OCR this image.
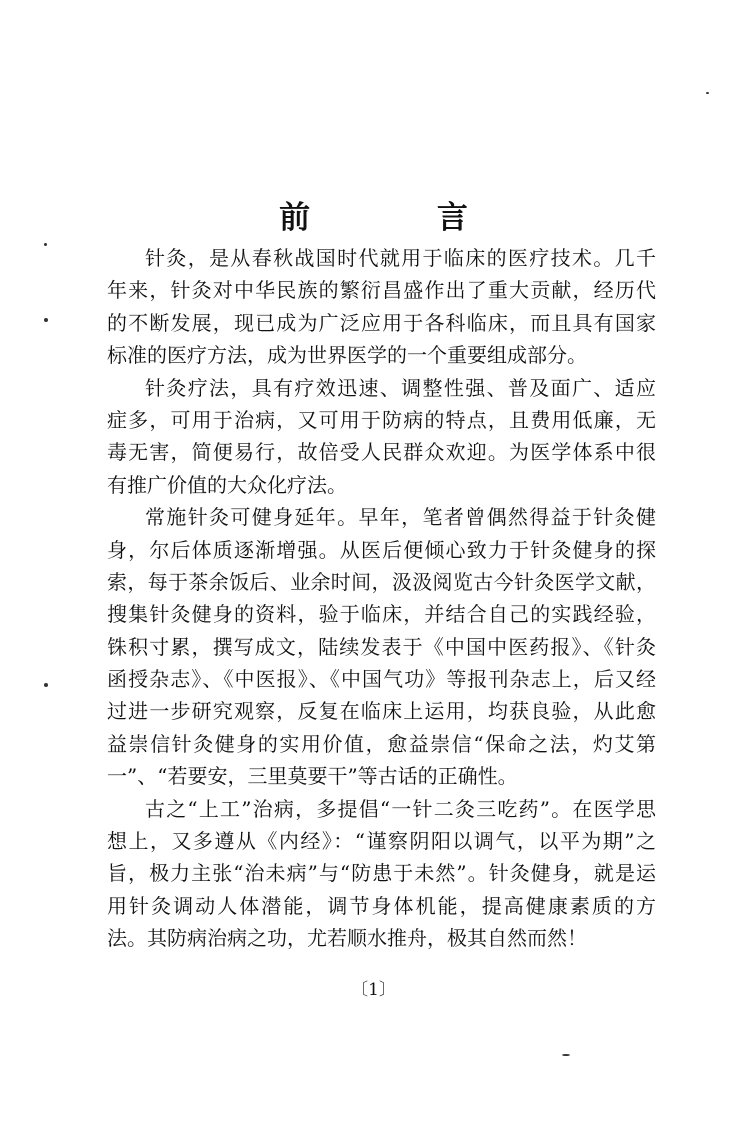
前 言
针灸，是从春秋战国时代就用于临床的医疗技术。几千
年来，针灸对中华民族的繁衍昌盛作出了重大贡献，经历代
的不断发展，现已成为广泛应用于各科临床，而且具有国家
标准的医疗方法，成为世界医学的一个重要组成部分。
针灸疗法，具有疗效迅速、调整性强、普及面广、适应
症多，可用于治病，又可用于防病的特点，且费用低廉，无
毒无害，简便易行，故倍受人民群众欢迎。为医学体系中很
有推广价值的大众化疗法。
常施针灸可健身延年。早年，笔者曾偶然得益于针灸健
身，尔后体质逐渐增强。从医后便倾心致力于针灸健身的探
索，每于茶余饭后、业余时间，汲汲阅览古今针灸医学文献，
搜集针灸健身的资料，验于临床，并结合自己的实践经验，
铢积寸累，撰写成文，陆续发表于《中国中医药报》、《针灸
函授杂志》、《中医报》、《中国气功》等报刊杂志上，后又经
过进一步研究观察，反复在临床上运用，均获良验，从此愈
益崇信针灸健身的实用价值，愈益崇信“保命之法，灼艾第
一”、“若要安，三里莫要干”等古话的正确性。
古之“上工”治病，多提倡“一针二灸三吃药”。在医学思
想上，又多遵从《内经》：“谨察阴阳以调气，以平为期”之
旨，极力主张“治未病”与“防患于未然”。针灸健身，就是运
用针灸调动人体潜能，调节身体机能，提高健康素质的方
法。其防病治病之功，尤若顺水推舟，极其自然而然！
〔1〕
